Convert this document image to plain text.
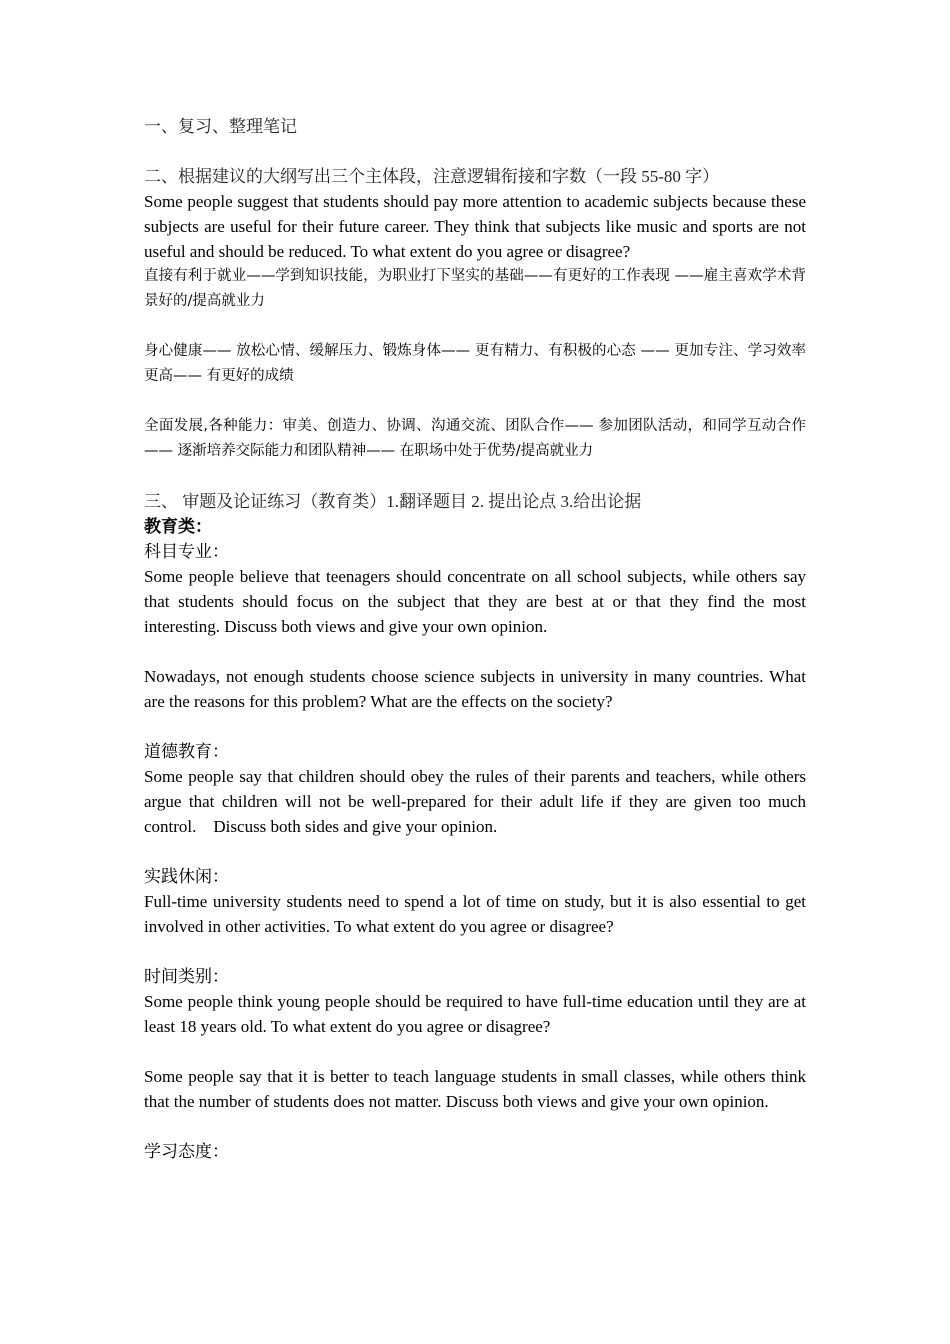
一、复习、整理笔记

二、根据建议的大纲写出三个主体段，注意逻辑衔接和字数（一段 55-80 字）

Some people suggest that students should pay more attention to academic subjects because these subjects are useful for their future career. They think that subjects like music and sports are not useful and should be reduced. To what extent do you agree or disagree?

直接有利于就业——学到知识技能，为职业打下坚实的基础——有更好的工作表现 ——雇主喜欢学术背景好的/提高就业力

身心健康—— 放松心情、缓解压力、锻炼身体—— 更有精力、有积极的心态 —— 更加专注、学习效率更高—— 有更好的成绩

全面发展,各种能力：审美、创造力、协调、沟通交流、团队合作—— 参加团队活动，和同学互动合作 —— 逐渐培养交际能力和团队精神—— 在职场中处于优势/提高就业力

三、 审题及论证练习（教育类）1.翻译题目 2. 提出论点 3.给出论据

教育类：

科目专业：

Some people believe that teenagers should concentrate on all school subjects, while others say that students should focus on the subject that they are best at or that they find the most interesting. Discuss both views and give your own opinion.

Nowadays, not enough students choose science subjects in university in many countries. What are the reasons for this problem? What are the effects on the society?

道德教育：

Some people say that children should obey the rules of their parents and teachers, while others argue that children will not be well-prepared for their adult life if they are given too much control.　Discuss both sides and give your opinion.

实践休闲：

Full-time university students need to spend a lot of time on study, but it is also essential to get involved in other activities. To what extent do you agree or disagree?

时间类别：

Some people think young people should be required to have full-time education until they are at least 18 years old. To what extent do you agree or disagree?

Some people say that it is better to teach language students in small classes, while others think that the number of students does not matter. Discuss both views and give your own opinion.

学习态度：
